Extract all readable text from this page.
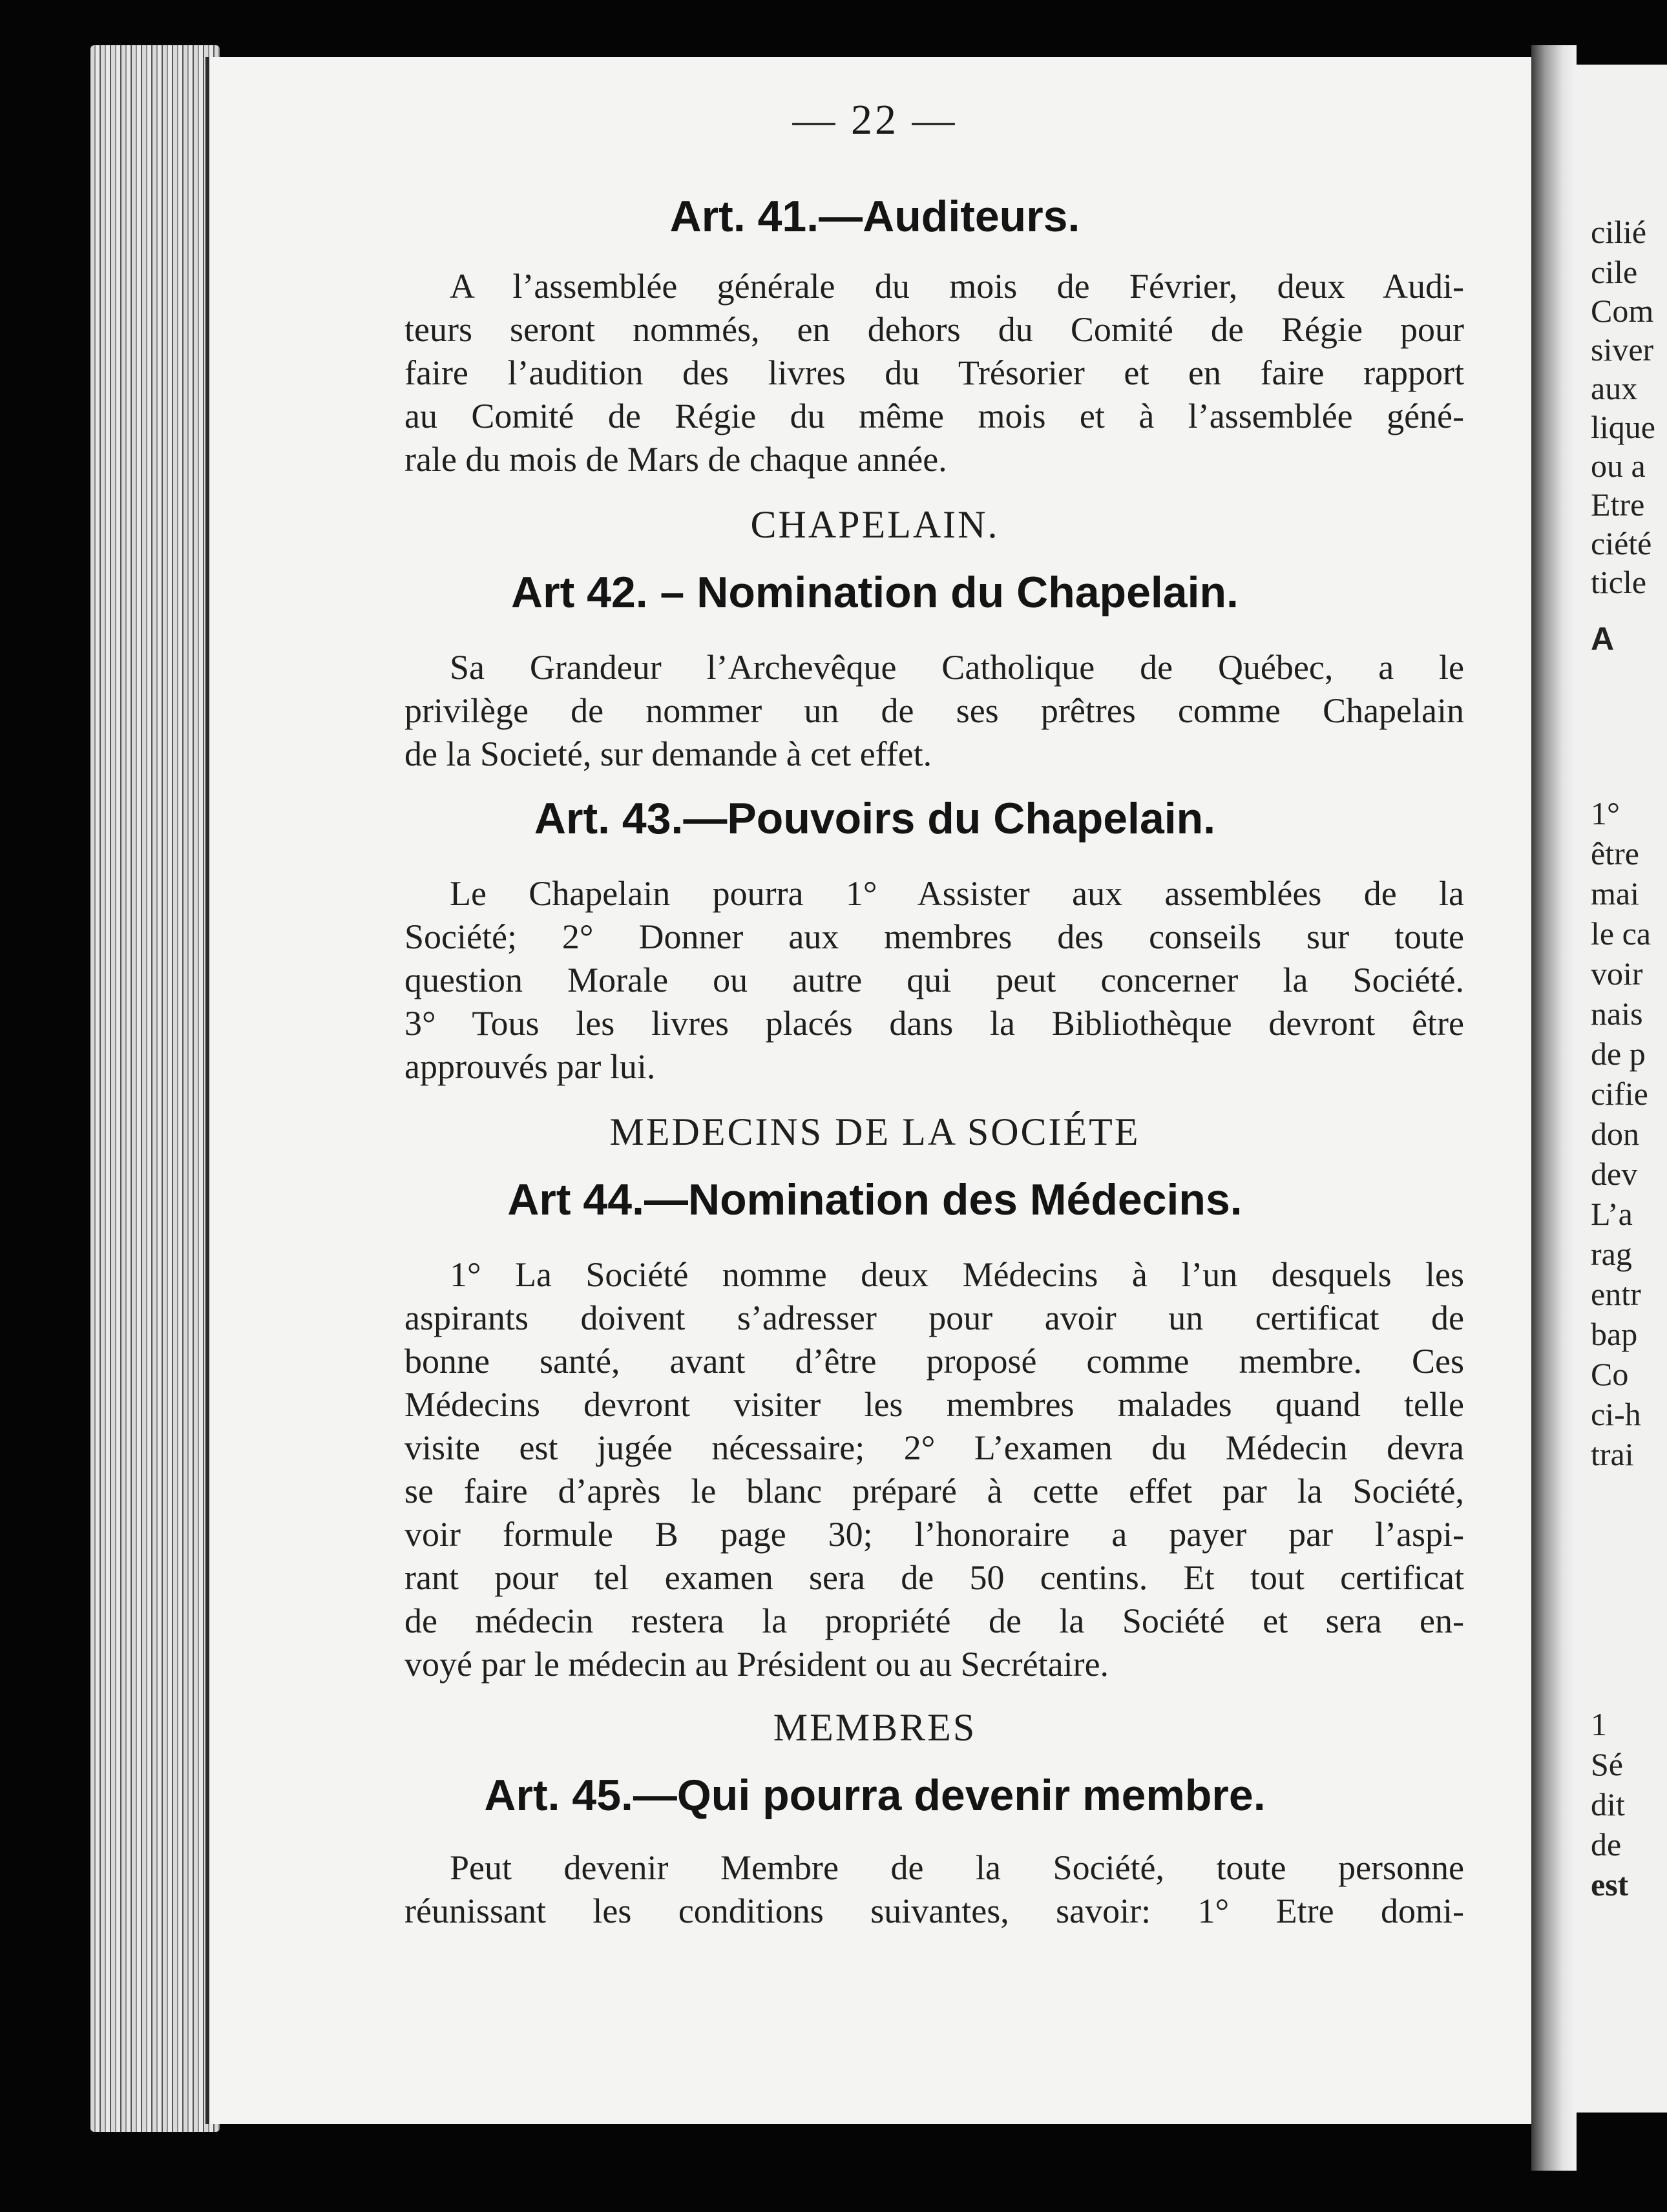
— 22 —
Art. 41.—Auditeurs.
A l’assemblée générale du mois de Février, deux Audi-
teurs seront nommés, en dehors du Comité de Régie pour
faire l’audition des livres du Trésorier et en faire rapport
au Comité de Régie du même mois et à l’assemblée géné-
rale du mois de Mars de chaque année.
CHAPELAIN.
Art 42. – Nomination du Chapelain.
Sa Grandeur l’Archevêque Catholique de Québec, a le
privilège de nommer un de ses prêtres comme Chapelain
de la Societé, sur demande à cet effet.
Art. 43.—Pouvoirs du Chapelain.
Le Chapelain pourra 1° Assister aux assemblées de la
Société; 2° Donner aux membres des conseils sur toute
question Morale ou autre qui peut concerner la Société.
3° Tous les livres placés dans la Bibliothèque devront être
approuvés par lui.
MEDECINS DE LA SOCIÉTE
Art 44.—Nomination des Médecins.
1° La Société nomme deux Médecins à l’un desquels les
aspirants doivent s’adresser pour avoir un certificat de
bonne santé, avant d’être proposé comme membre. Ces
Médecins devront visiter les membres malades quand telle
visite est jugée nécessaire; 2° L’examen du Médecin devra
se faire d’après le blanc préparé à cette effet par la Société,
voir formule B page 30; l’honoraire a payer par l’aspi-
rant pour tel examen sera de 50 centins. Et tout certificat
de médecin restera la propriété de la Société et sera en-
voyé par le médecin au Président ou au Secrétaire.
MEMBRES
Art. 45.—Qui pourra devenir membre.
Peut devenir Membre de la Société, toute personne
réunissant les conditions suivantes, savoir: 1° Etre domi-
cilié
cile
Com
siver
aux
lique
ou a
Etre
ciété
ticle
A
1°
être
mai
le ca
voir
nais
de p
cifie
don
dev
L’a
rag
entr
bap
Co
ci-h
trai
1
Sé
dit
de
est
